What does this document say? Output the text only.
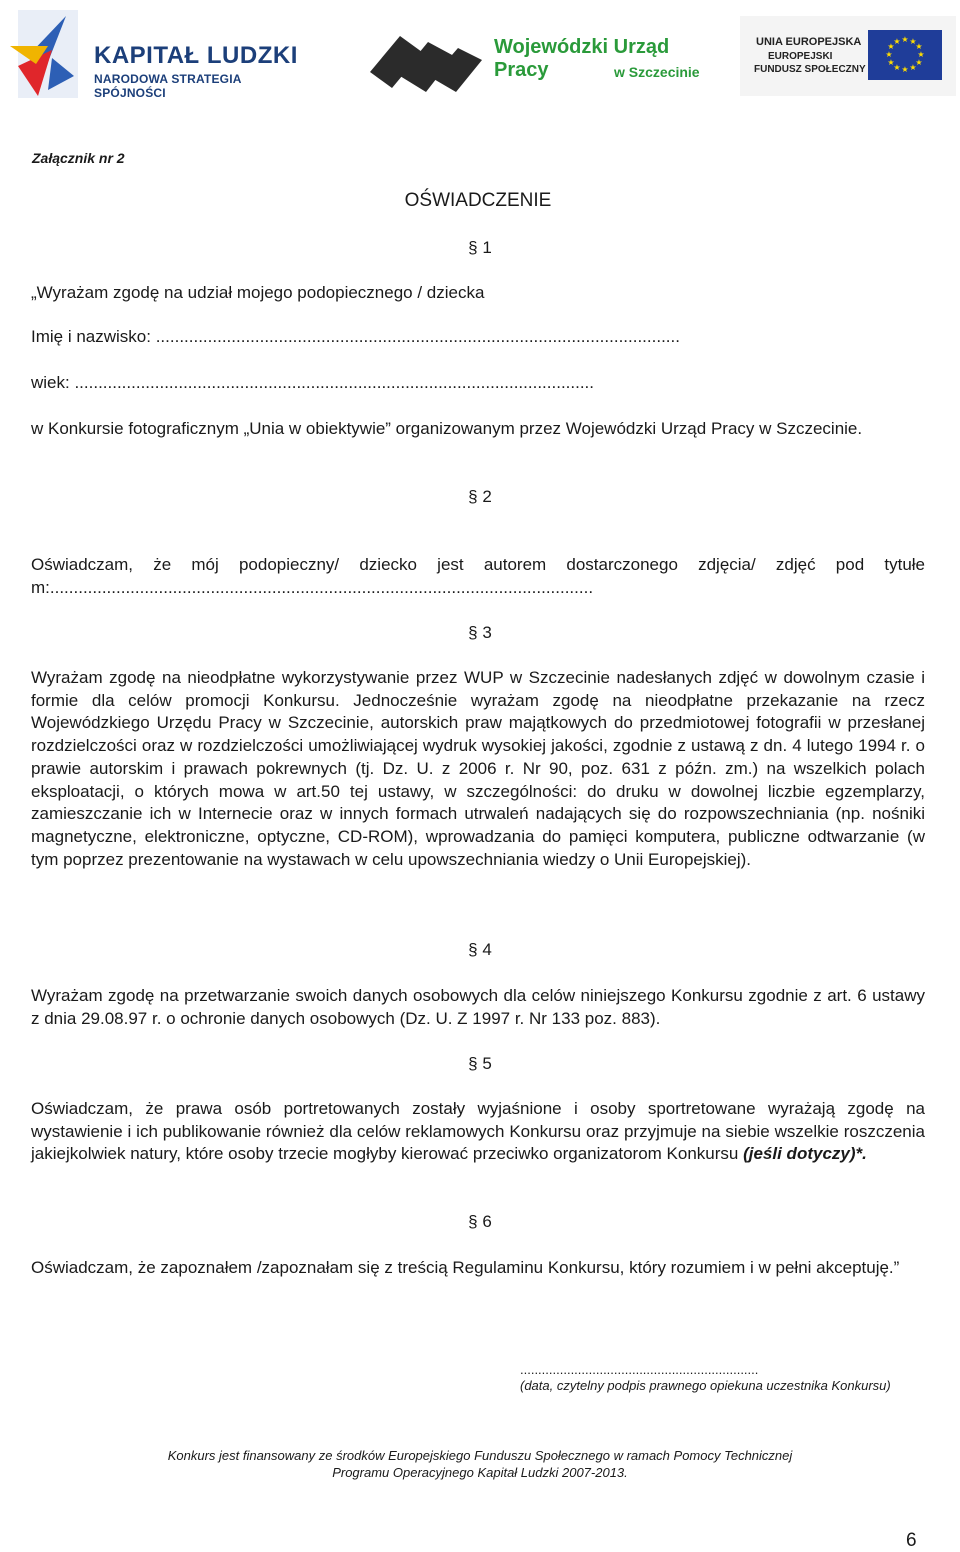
KAPITAŁ LUDZKI
NARODOWA STRATEGIA SPÓJNOŚCI
Wojewódzki Urząd Pracy	w Szczecinie
UNIA EUROPEJSKA
EUROPEJSKI
FUNDUSZ SPOŁECZNY
★ ★
★
★
★
★
★
★
★
★
★
★
Załącznik nr 2
OŚWIADCZENIE
§ 1
„Wyrażam zgodę na udział mojego podopiecznego / dziecka
Imię i nazwisko: ...............................................................................................................
wiek: ..............................................................................................................
w Konkursie fotograficznym „Unia w obiektywie” organizowanym przez Wojewódzki Urząd Pracy w Szczecinie.
§ 2
Oświadczam, że mój podopieczny/ dziecko jest autorem dostarczonego zdjęcia/ zdjęć pod tytułem:...................................................................................................................
§ 3
Wyrażam zgodę na nieodpłatne wykorzystywanie przez WUP w Szczecinie nadesłanych zdjęć w dowolnym czasie i formie dla celów promocji Konkursu. Jednocześnie wyrażam zgodę na nieodpłatne przekazanie na rzecz Wojewódzkiego Urzędu Pracy w Szczecinie, autorskich praw majątkowych do przedmiotowej fotografii w przesłanej rozdzielczości oraz w rozdzielczości umożliwiającej wydruk wysokiej jakości, zgodnie z ustawą z dn. 4 lutego 1994 r. o prawie autorskim i prawach pokrewnych (tj. Dz. U. z 2006 r. Nr 90, poz. 631 z późn. zm.) na wszelkich polach eksploatacji, o których mowa w art.50 tej ustawy, w szczególności: do druku w dowolnej liczbie egzemplarzy, zamieszczanie ich w Internecie oraz w innych formach utrwaleń nadających się do rozpowszechniania (np. nośniki magnetyczne, elektroniczne, optyczne, CD-ROM), wprowadzania do pamięci komputera, publiczne odtwarzanie (w tym poprzez prezentowanie na wystawach w celu upowszechniania wiedzy o Unii Europejskiej).
§ 4
Wyrażam zgodę na przetwarzanie swoich danych osobowych dla celów niniejszego Konkursu zgodnie z art. 6 ustawy z dnia 29.08.97 r. o ochronie danych osobowych (Dz. U. Z 1997 r. Nr 133 poz. 883).
§ 5
Oświadczam, że prawa osób portretowanych zostały wyjaśnione i osoby sportretowane wyrażają zgodę na wystawienie i ich publikowanie również dla celów reklamowych Konkursu oraz przyjmuje na siebie wszelkie roszczenia jakiejkolwiek natury, które osoby trzecie mogłyby kierować przeciwko organizatorom Konkursu (jeśli dotyczy)*.
§ 6
Oświadczam, że zapoznałem /zapoznałam się z treścią Regulaminu Konkursu, który rozumiem i w pełni akceptuję.”
..................................................................
(data, czytelny podpis prawnego opiekuna uczestnika Konkursu)
Konkurs jest finansowany ze środków Europejskiego Funduszu Społecznego w ramach Pomocy Technicznej
Programu Operacyjnego Kapitał Ludzki 2007-2013.
6
